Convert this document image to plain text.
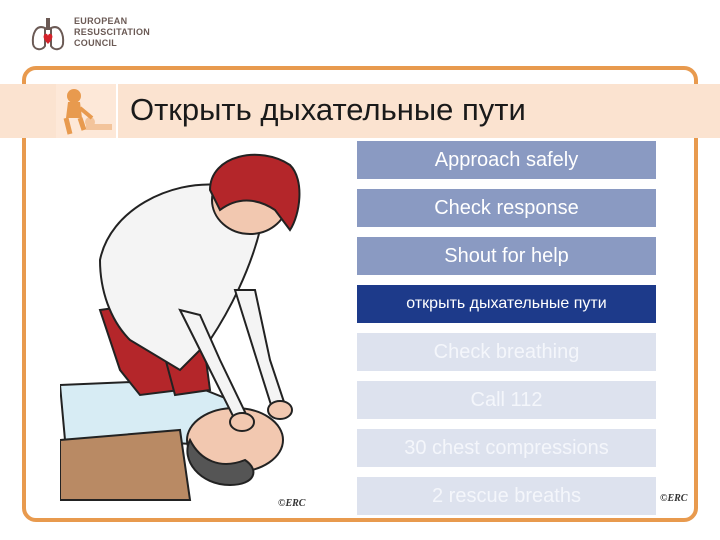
EUROPEAN
RESUSCITATION
COUNCIL
Открыть дыхательные пути
Approach safely
Check response
Shout for help
открыть дыхательные пути
Check breathing
Call 112
30 chest compressions
2 rescue breaths
©ERC	©ERC
